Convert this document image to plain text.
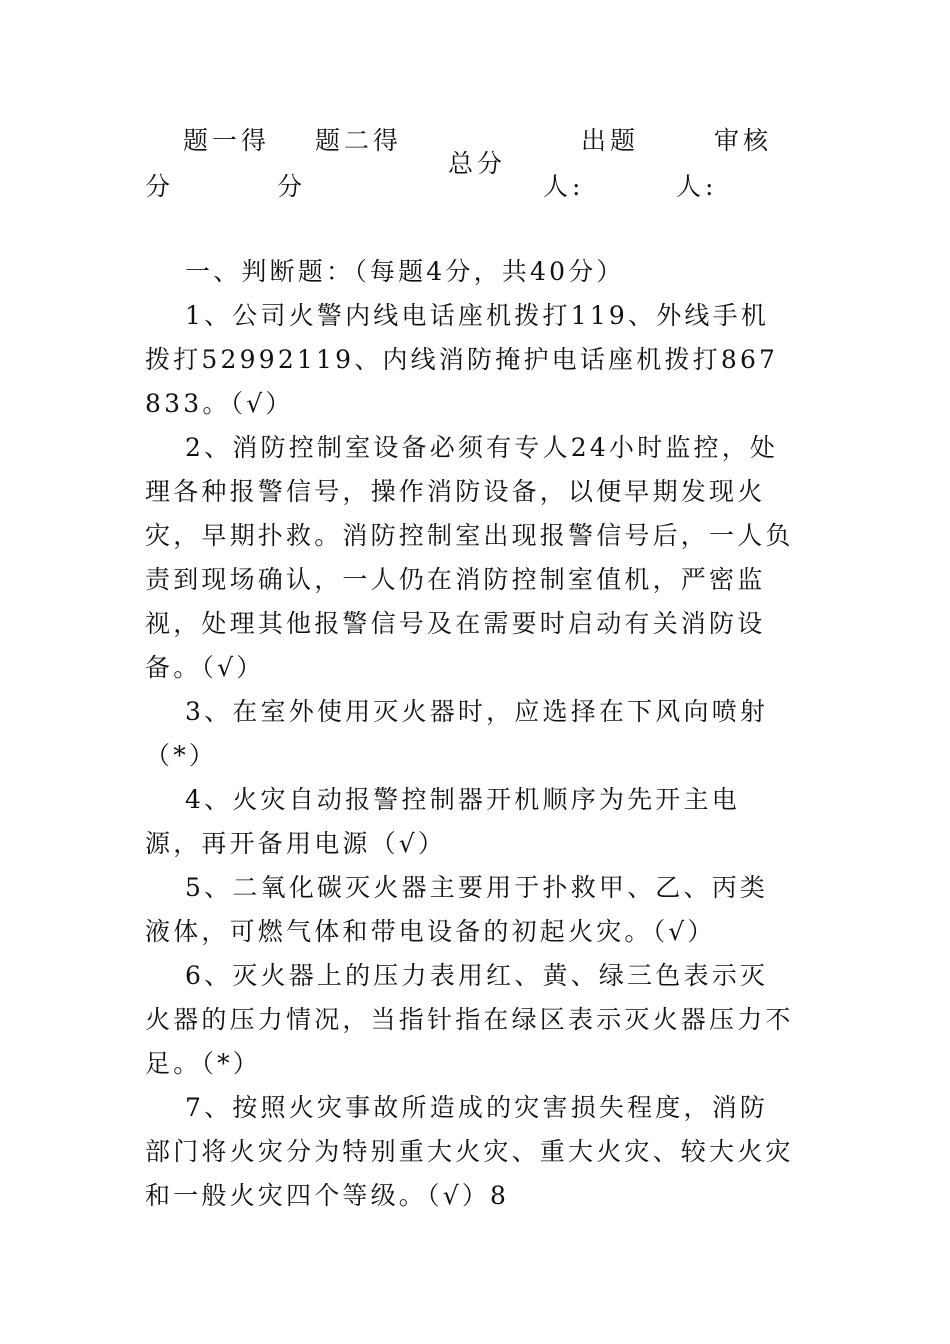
题一得
分
题二得
分
总分
出题
人:
审核
人:

一、判断题：（每题4分，共40分）

1、公司火警内线电话座机拨打119、外线手机拨打52992119、内线消防掩护电话座机拨打867833。（√）

2、消防控制室设备必须有专人24小时监控，处理各种报警信号，操作消防设备，以便早期发现火灾，早期扑救。消防控制室出现报警信号后，一人负责到现场确认，一人仍在消防控制室值机，严密监视，处理其他报警信号及在需要时启动有关消防设备。（√）

3、在室外使用灭火器时，应选择在下风向喷射（*）

4、火灾自动报警控制器开机顺序为先开主电源，再开备用电源（√）

5、二氧化碳灭火器主要用于扑救甲、乙、丙类液体，可燃气体和带电设备的初起火灾。（√）

6、灭火器上的压力表用红、黄、绿三色表示灭火器的压力情况，当指针指在绿区表示灭火器压力不足。（*）

7、按照火灾事故所造成的灾害损失程度，消防部门将火灾分为特别重大火灾、重大火灾、较大火灾和一般火灾四个等级。（√）8
